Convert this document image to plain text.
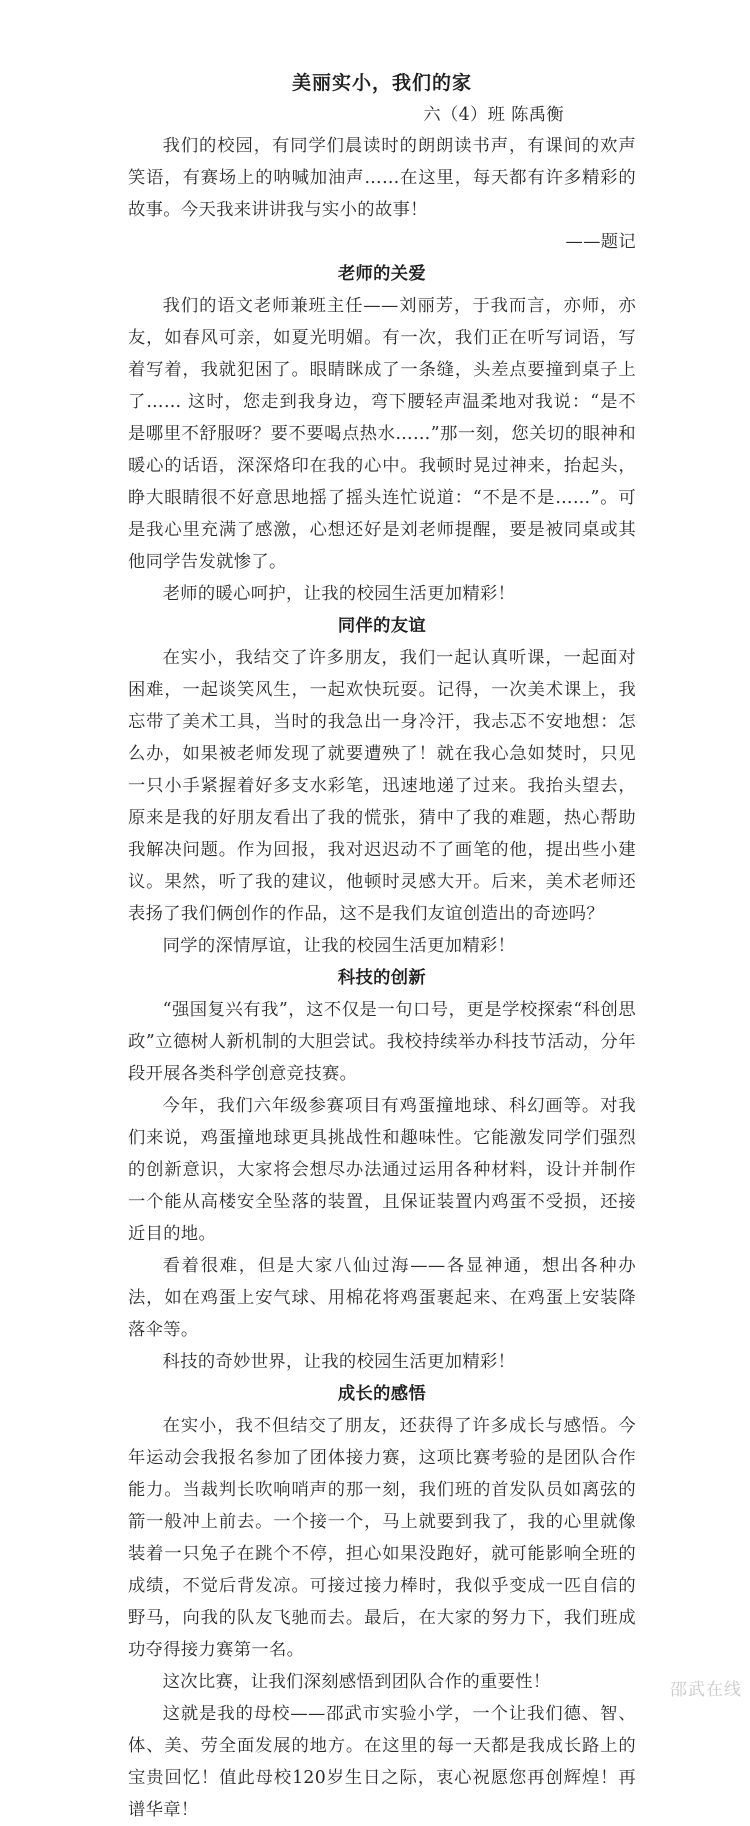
美丽实小，我们的家

六（4）班 陈禹衡

我们的校园，有同学们晨读时的朗朗读书声，有课间的欢声笑语，有赛场上的呐喊加油声……在这里，每天都有许多精彩的故事。今天我来讲讲我与实小的故事！

——题记

老师的关爱

我们的语文老师兼班主任——刘丽芳，于我而言，亦师，亦友，如春风可亲，如夏光明媚。有一次，我们正在听写词语，写着写着，我就犯困了。眼睛眯成了一条缝，头差点要撞到桌子上了…… 这时，您走到我身边，弯下腰轻声温柔地对我说：“是不是哪里不舒服呀？要不要喝点热水……”那一刻，您关切的眼神和暖心的话语，深深烙印在我的心中。我顿时晃过神来，抬起头，睁大眼睛很不好意思地摇了摇头连忙说道：“不是不是……”。可是我心里充满了感激，心想还好是刘老师提醒，要是被同桌或其他同学告发就惨了。

老师的暖心呵护，让我的校园生活更加精彩！

同伴的友谊

在实小，我结交了许多朋友，我们一起认真听课，一起面对困难，一起谈笑风生，一起欢快玩耍。记得，一次美术课上，我忘带了美术工具，当时的我急出一身冷汗，我忐忑不安地想：怎么办，如果被老师发现了就要遭殃了！就在我心急如焚时，只见一只小手紧握着好多支水彩笔，迅速地递了过来。我抬头望去，原来是我的好朋友看出了我的慌张，猜中了我的难题，热心帮助我解决问题。作为回报，我对迟迟动不了画笔的他，提出些小建议。果然，听了我的建议，他顿时灵感大开。后来，美术老师还表扬了我们俩创作的作品，这不是我们友谊创造出的奇迹吗？

同学的深情厚谊，让我的校园生活更加精彩！

科技的创新

“强国复兴有我”，这不仅是一句口号，更是学校探索“科创思政”立德树人新机制的大胆尝试。我校持续举办科技节活动，分年段开展各类科学创意竞技赛。

今年，我们六年级参赛项目有鸡蛋撞地球、科幻画等。对我们来说，鸡蛋撞地球更具挑战性和趣味性。它能激发同学们强烈的创新意识，大家将会想尽办法通过运用各种材料，设计并制作一个能从高楼安全坠落的装置，且保证装置内鸡蛋不受损，还接近目的地。

看着很难，但是大家八仙过海——各显神通，想出各种办法，如在鸡蛋上安气球、用棉花将鸡蛋裹起来、在鸡蛋上安装降落伞等。

科技的奇妙世界，让我的校园生活更加精彩！

成长的感悟

在实小，我不但结交了朋友，还获得了许多成长与感悟。今年运动会我报名参加了团体接力赛，这项比赛考验的是团队合作能力。当裁判长吹响哨声的那一刻，我们班的首发队员如离弦的箭一般冲上前去。一个接一个，马上就要到我了，我的心里就像装着一只兔子在跳个不停，担心如果没跑好，就可能影响全班的成绩，不觉后背发凉。可接过接力棒时，我似乎变成一匹自信的野马，向我的队友飞驰而去。最后，在大家的努力下，我们班成功夺得接力赛第一名。

这次比赛，让我们深刻感悟到团队合作的重要性！

这就是我的母校——邵武市实验小学，一个让我们德、智、体、美、劳全面发展的地方。在这里的每一天都是我成长路上的宝贵回忆！值此母校120岁生日之际，衷心祝愿您再创辉煌！再谱华章！

邵武在线
